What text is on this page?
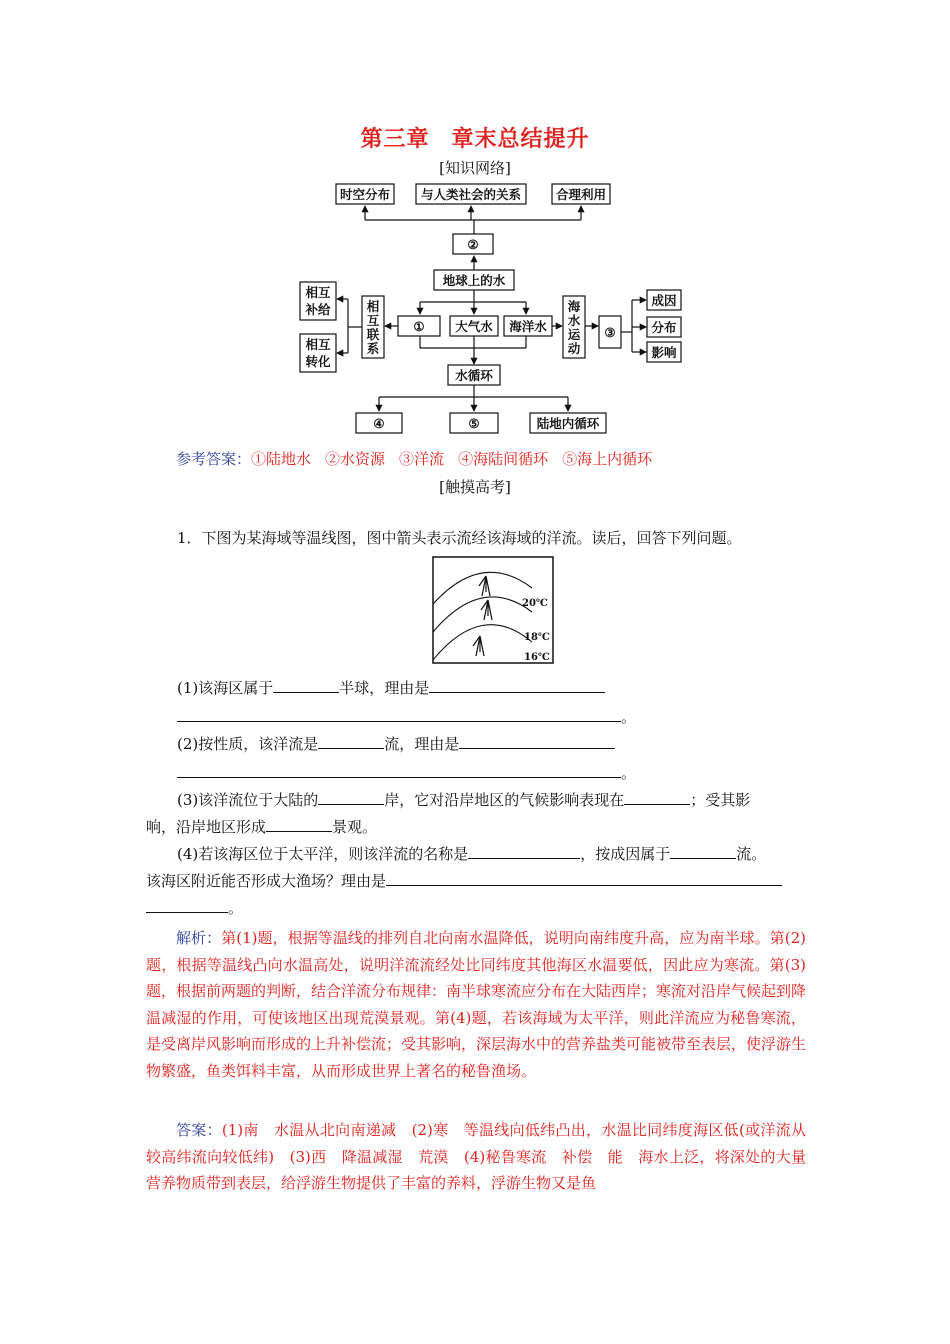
第三章 章末总结提升
[知识网络]
时空分布 与人类社会的关系	合理利用
②
地球上的水
① 大气水 海洋水
相互
补给
相互
转化
相
互
联
系
海
水
运
动
③
成因
分布
影响
水循环
④	⑤	陆地内循环
参考答案：①陆地水 ②水资源 ③洋流 ④海陆间循环 ⑤海上内循环
[触摸高考]
1．下图为某海域等温线图，图中箭头表示流经该海域的洋流。读后，回答下列问题。
20℃
18℃
16℃
(1)该海区属于	半球，理由是
。
(2)按性质，该洋流是	流，理由是
。
(3)该洋流位于大陆的	岸，它对沿岸地区的气候影响表现在	；受其影
响，沿岸地区形成	景观。
(4)若该海区位于太平洋，则该洋流的名称是	，按成因属于	流。
该海区附近能否形成大渔场？理由是
。
解析：第(1)题，根据等温线的排列自北向南水温降低，说明向南纬度升高，应为南半球。第(2)题，根据等温线凸向水温高处，说明洋流流经处比同纬度其他海区水温要低，因此应为寒流。第(3)题，根据前两题的判断，结合洋流分布规律：南半球寒流应分布在大陆西岸；寒流对沿岸气候起到降温减湿的作用，可使该地区出现荒漠景观。第(4)题，若该海域为太平洋，则此洋流应为秘鲁寒流，是受离岸风影响而形成的上升补偿流；受其影响，深层海水中的营养盐类可能被带至表层，使浮游生物繁盛，鱼类饵料丰富，从而形成世界上著名的秘鲁渔场。
答案：(1)南　水温从北向南递减　(2)寒　等温线向低纬凸出，水温比同纬度海区低(或洋流从较高纬流向较低纬)　(3)西　降温减湿　荒漠　(4)秘鲁寒流　补偿　能　海水上泛，将深处的大量营养物质带到表层，给浮游生物提供了丰富的养料，浮游生物又是鱼
